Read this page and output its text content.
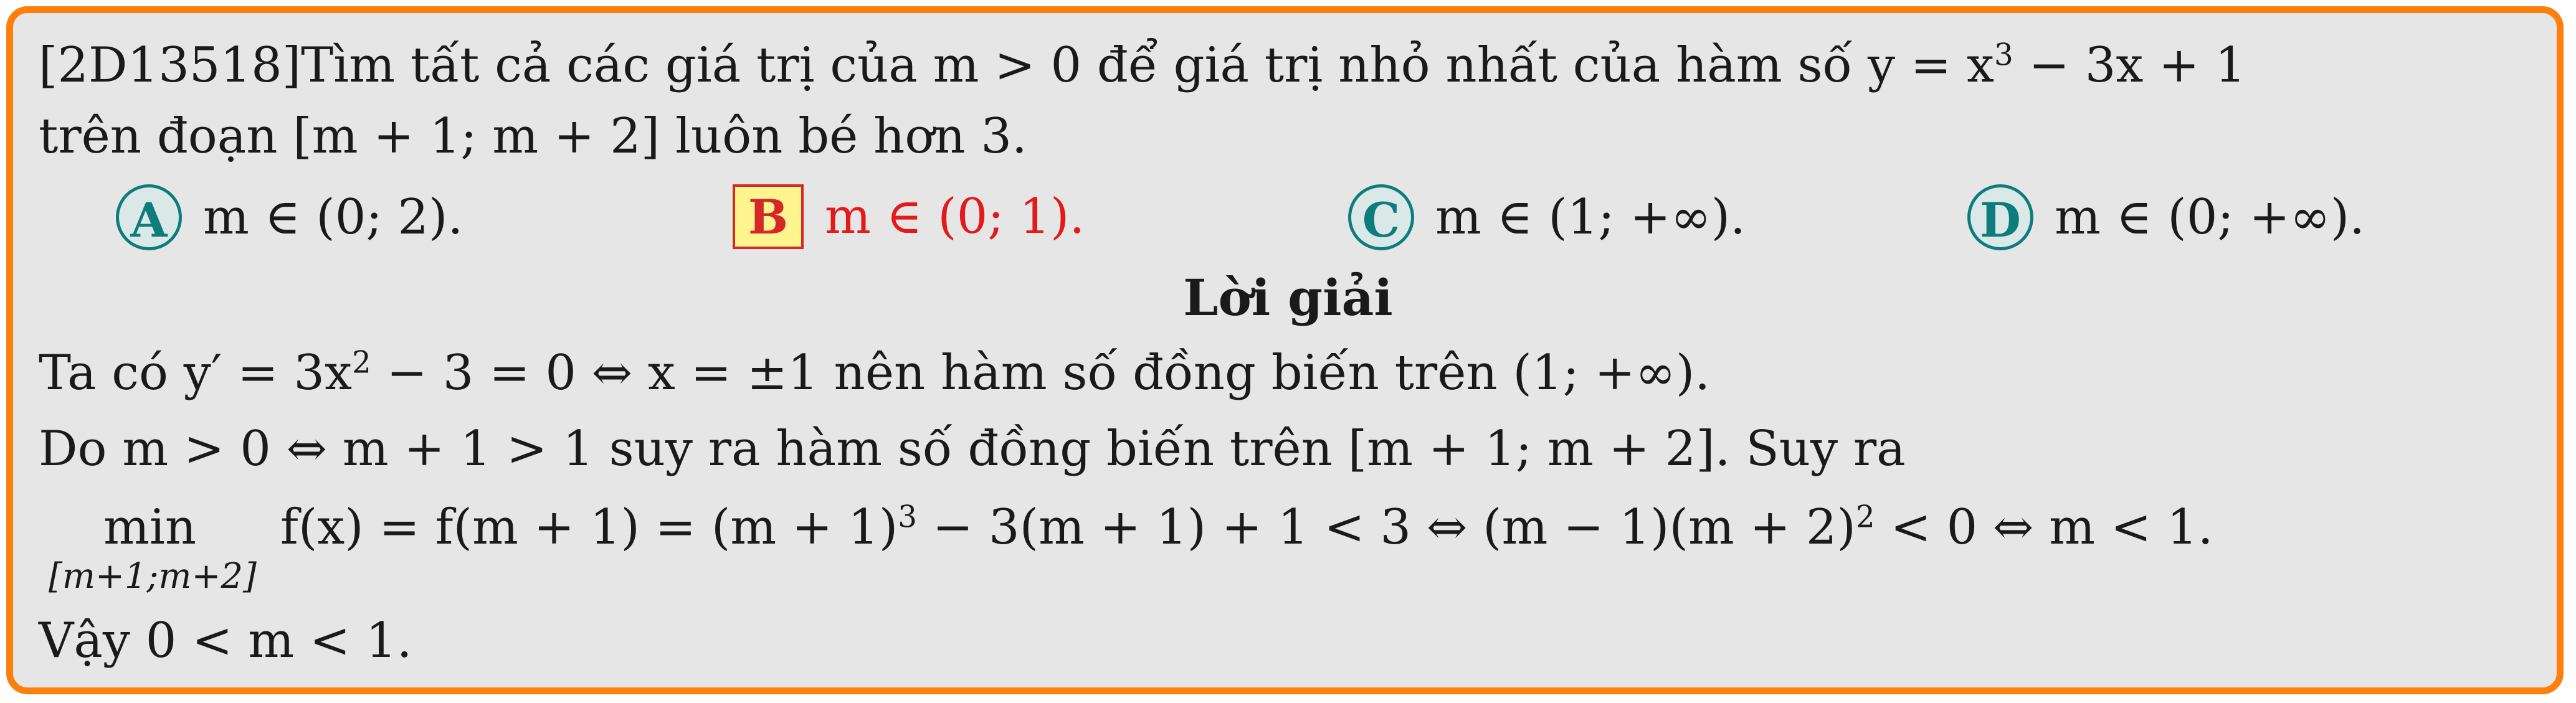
[2D13518]Tìm tất cả các giá trị của m > 0 để giá trị nhỏ nhất của hàm số $y = x^3 - 3x + 1$
trên đoạn [m + 1; m + 2] luôn bé hơn 3.
A m ∈ (0; 2).	B m ∈ (0; 1).	C m ∈ (1; +∞).	D m ∈ (0; +∞).
Lời giải
Ta có $y' = 3x^2 - 3 = 0$ ⇔ x = ±1 nên hàm số đồng biến trên (1; +∞).
Do m > 0 ⇔ m + 1 > 1 suy ra hàm số đồng biến trên [m + 1; m + 2]. Suy ra
min
[m+1;m+2]
$f(x) = f(m + 1) = (m + 1)^3 - 3(m + 1) + 1 < 3$ ⇔ $(m - 1)(m + 2)^2 < 0$ ⇔ m < 1.
Vậy 0 < m < 1.
